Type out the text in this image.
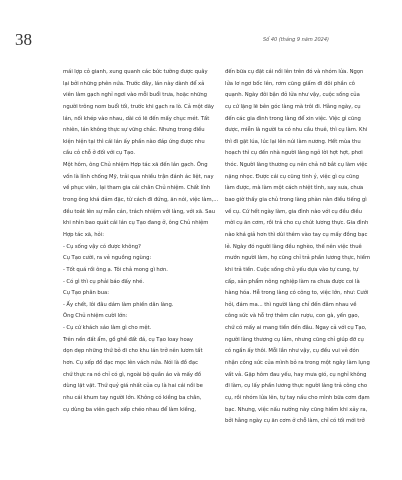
38	Số 40 (tháng 9 năm 2024)
mái lợp cỏ gianh, xung quanh các bức tường được quây
lại bởi những phên nứa. Trước đây, lán này dành để xả
viên làm gạch nghỉ ngơi vào mỗi buổi trưa, hoặc những
người trông nom buổi tối, trước khi gạch ra lò. Cả một dãy
lán, nối khép vào nhau, dài có lẽ đến mấy chục mét. Tất
nhiên, lán không thực sự vững chắc. Nhưng trong điều
kiện hiện tại thì cái lán ấy phần nào đáp ứng được nhu
cầu cỏ chỗ ở đối với cụ Tạo.
Một hôm, ông Chủ nhiệm Hợp tác xã đến lán gạch. Ông
vốn là lính chống Mỹ, trải qua nhiều trận đánh ác liệt, nay
về phục viên, lại tham gia cái chân Chủ nhiệm. Chất lính
trong ông khá đảm đặc, từ cách đi đứng, ăn nói, việc làm,...
đều toát lên sự mẫn cán, trách nhiệm với làng, với xã. Sau
khi nhìn bao quát cái lán cụ Tạo đang ở, ông Chủ nhiệm
Hợp tác xã, hỏi:
- Cụ sống vậy có được không?
Cụ Tạo cười, ra vẻ nguồng ngùng:
- Tốt quá rồi ông ạ. Tôi chả mong gì hơn.
- Có gì thì cụ phải báo đấy nhé.
Cụ Tạo phân bua:
- Ấy chết, lôi đâu dám làm phiền dân làng.
Ông Chủ nhiệm cười lớn:
- Cụ cứ khách sáo làm gì cho mệt.
Trên nền đất ẩm, gồ ghề đất đá, cụ Tạo loay hoay
dọn dẹp những thứ bỏ đi cho khu lán trở nên lươm tất
hơn. Cụ xếp đồ đạc mọc lên vách nứa. Nói là đồ đạc
chứ thực ra nó chỉ có gì, ngoài bộ quần áo và mấy đồ
dùng lặt vặt. Thứ quý giá nhất của cụ là hai cái nồi be
nhu cái khum tay người lớn. Không có kiềng ba chân,
cụ dùng ba viên gạch xếp chéo nhau để làm kiềng,
đến bữa cụ đặt cái nồi lên trên đó và nhóm lửa. Ngọn
lửa lơ ngơ bốc lên, rơm cũng giấm đi đôi phần cô
quạnh. Ngày đôi bận đỏ lửa như vậy, cuộc sống của
cụ cứ lặng lẽ bên góc làng mà trôi đi. Hằng ngày, cụ
đến các gia đình trong làng để xin việc. Việc gì cũng
được, miễn là người ta có nhu cầu thuê, thì cụ làm. Khi
thì đi gặt lúa, lúc lại lên núi làm nương. Hết mùa thu
hoạch thì cụ đến nhà người làng ngỏ lời hợt hợt, phơi
thóc. Người làng thương cụ nên chả nỡ bắt cụ làm việc
nặng nhọc. Được cái cụ cũng tinh ý, việc gì cụ cũng
làm được, mà làm một cách nhiệt tình, say sưa, chưa
bao giờ thấy gia chủ trong làng phàn nàn điều tiếng gì
về cụ. Cứ hết ngày làm, gia đình nào với cụ đều điều
mời cụ ăn cơm, rồi trả cho cụ chút lương thực. Gia đình
nào khá giả hơn thì dùi thêm vào tay cụ mấy đồng bạc
lẻ. Ngày đó người làng đều nghèo, thế nên việc thuê
mướn người làm, họ cũng chỉ trả phần lương thực, hiếm
khi trả tiền. Cuộc sống chủ yếu dựa vào tự cung, tự
cấp, sản phẩm nông nghiệp làm ra chưa được coi là
hàng hóa. Hễ trong làng có công to, việc lớn, như: Cưới
hỏi, đám ma... thì người làng chỉ đến đâm nhau về
công sức và hỗ trợ thêm cân rượu, con gà, yến gạo,
chứ có mấy ai mang tiền đến đâu. Ngay cả với cụ Tạo,
người làng thương cụ lắm, nhưng cũng chỉ giúp đỡ cụ
có ngần ấy thôi. Mỗi lần như vậy, cụ đều vui vẻ đón
nhận công sức của mình bỏ ra trong một ngày làm lụng
vất vả. Gặp hôm đau yếu, hay mưa gió, cụ nghỉ không
đi làm, cụ lấy phần lương thực người làng trả công cho
cụ, rồi nhóm lửa lên, tự tay nấu cho mình bữa cơm đạm
bạc. Nhưng, việc nấu nướng này cũng hiếm khi xảy ra,
bởi hằng ngày cụ ăn cơm ở chỗ làm, chỉ có tối mới trở
